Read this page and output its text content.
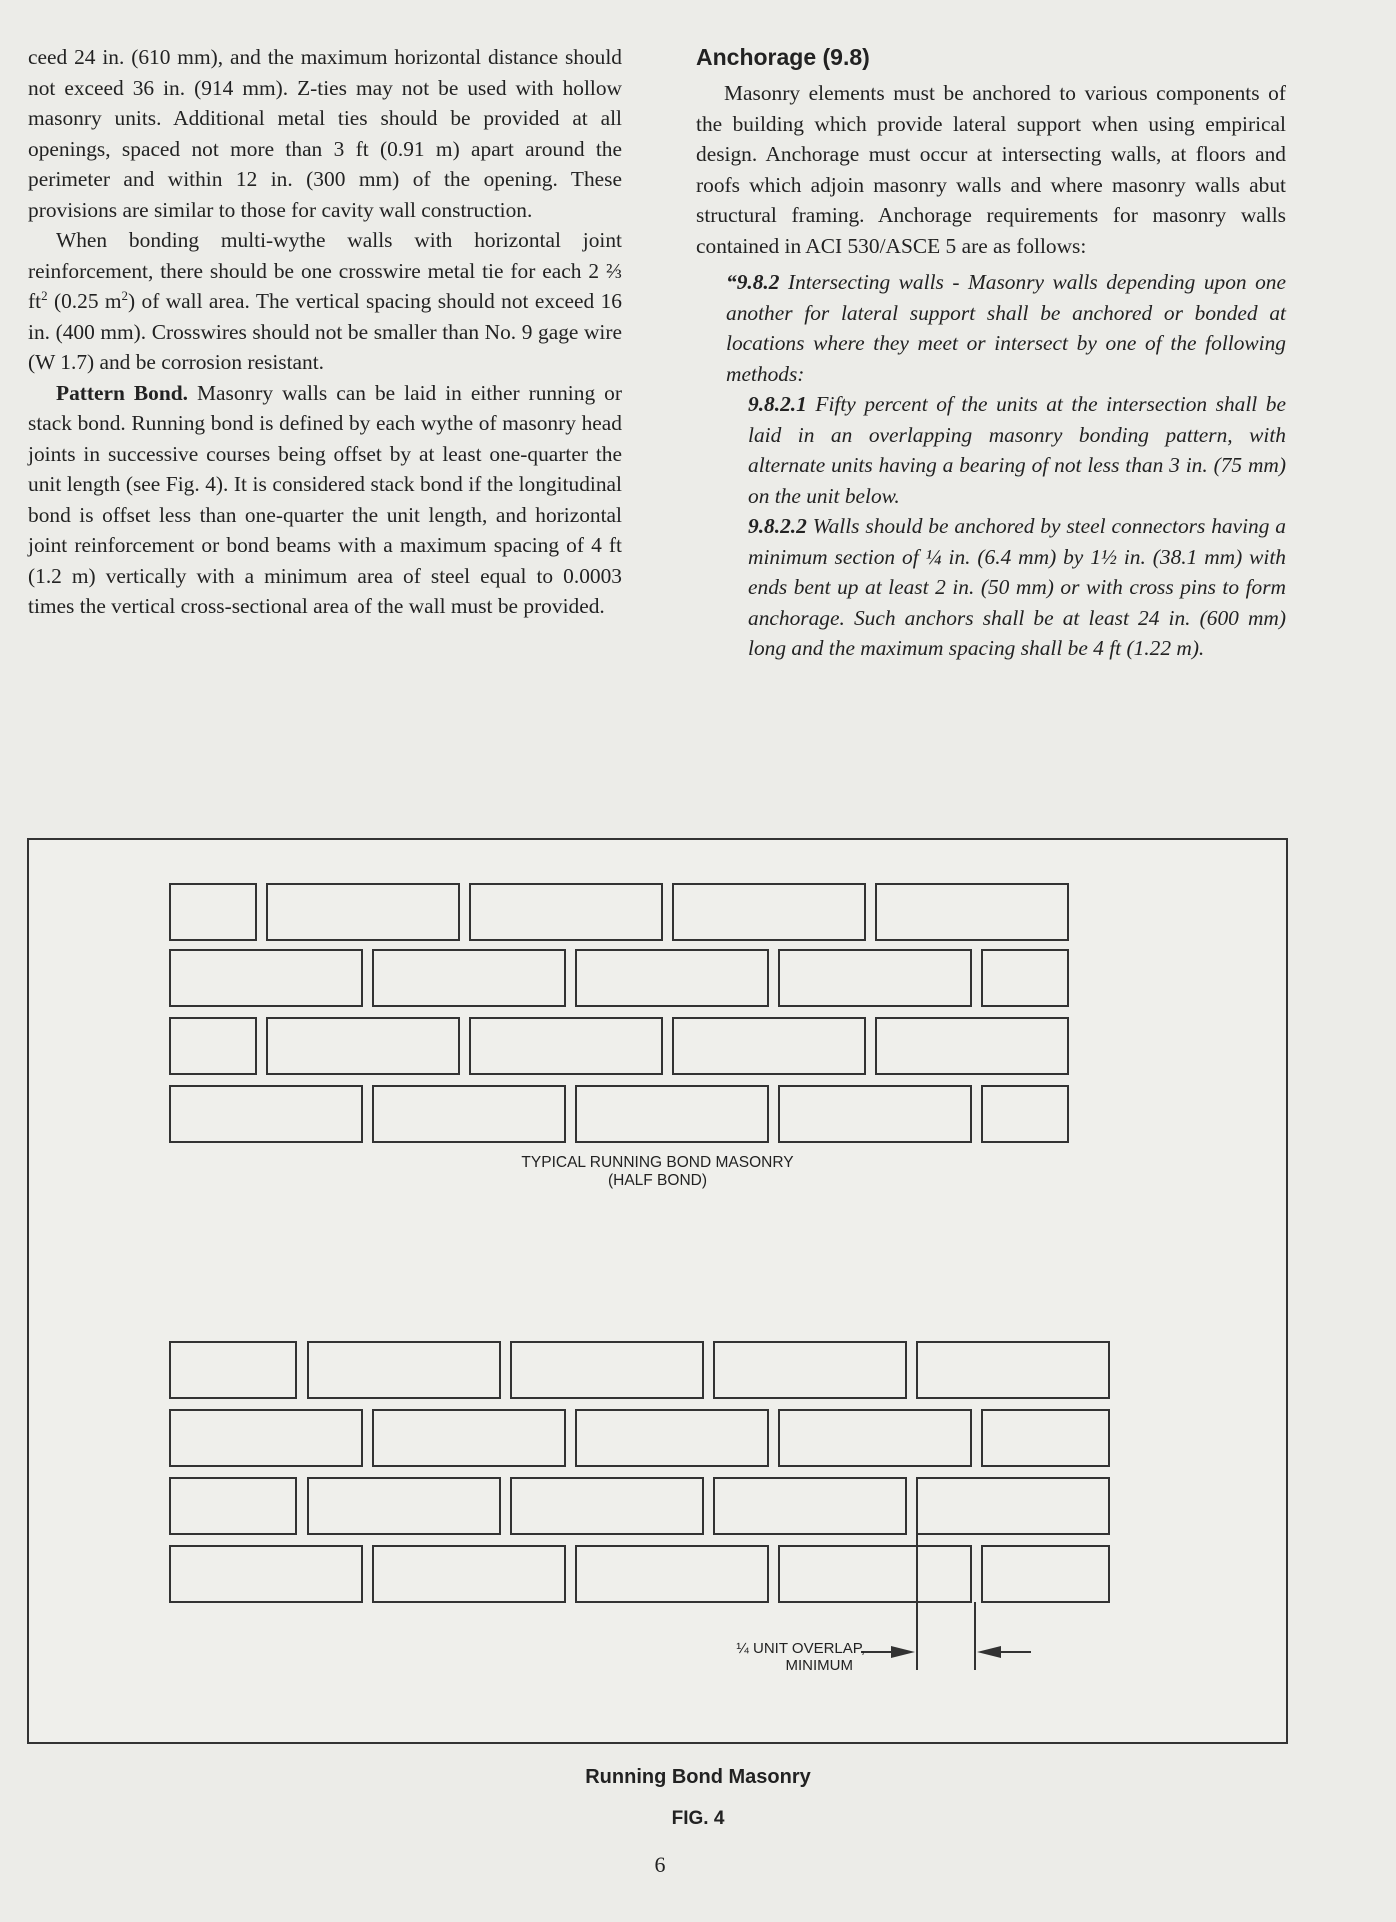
ceed 24 in. (610 mm), and the maximum horizontal distance should not exceed 36 in. (914 mm). Z-ties may not be used with hollow masonry units. Additional metal ties should be provided at all openings, spaced not more than 3 ft (0.91 m) apart around the perimeter and within 12 in. (300 mm) of the opening. These provisions are similar to those for cavity wall construction.

When bonding multi-wythe walls with horizontal joint reinforcement, there should be one crosswire metal tie for each 2 ⅔ $ft^2$ (0.25 $m^2$) of wall area. The vertical spacing should not exceed 16 in. (400 mm). Crosswires should not be smaller than No. 9 gage wire (W 1.7) and be corrosion resistant.

Pattern Bond. Masonry walls can be laid in either running or stack bond. Running bond is defined by each wythe of masonry head joints in successive courses being offset by at least one-quarter the unit length (see Fig. 4). It is considered stack bond if the longitudinal bond is offset less than one-quarter the unit length, and horizontal joint reinforcement or bond beams with a maximum spacing of 4 ft (1.2 m) vertically with a minimum area of steel equal to 0.0003 times the vertical cross-sectional area of the wall must be provided.

Anchorage (9.8)

Masonry elements must be anchored to various components of the building which provide lateral support when using empirical design. Anchorage must occur at intersecting walls, at floors and roofs which adjoin masonry walls and where masonry walls abut structural framing. Anchorage requirements for masonry walls contained in ACI 530/ASCE 5 are as follows:

“9.8.2 Intersecting walls - Masonry walls depending upon one another for lateral support shall be anchored or bonded at locations where they meet or intersect by one of the following methods:

9.8.2.1 Fifty percent of the units at the intersection shall be laid in an overlapping masonry bonding pattern, with alternate units having a bearing of not less than 3 in. (75 mm) on the unit below.

9.8.2.2 Walls should be anchored by steel connectors having a minimum section of ¼ in. (6.4 mm) by 1½ in. (38.1 mm) with ends bent up at least 2 in. (50 mm) or with cross pins to form anchorage. Such anchors shall be at least 24 in. (600 mm) long and the maximum spacing shall be 4 ft (1.22 m).

TYPICAL RUNNING BOND MASONRY
(HALF BOND)
¼ UNIT OVERLAP,
MINIMUM
Running Bond Masonry
FIG. 4
6
